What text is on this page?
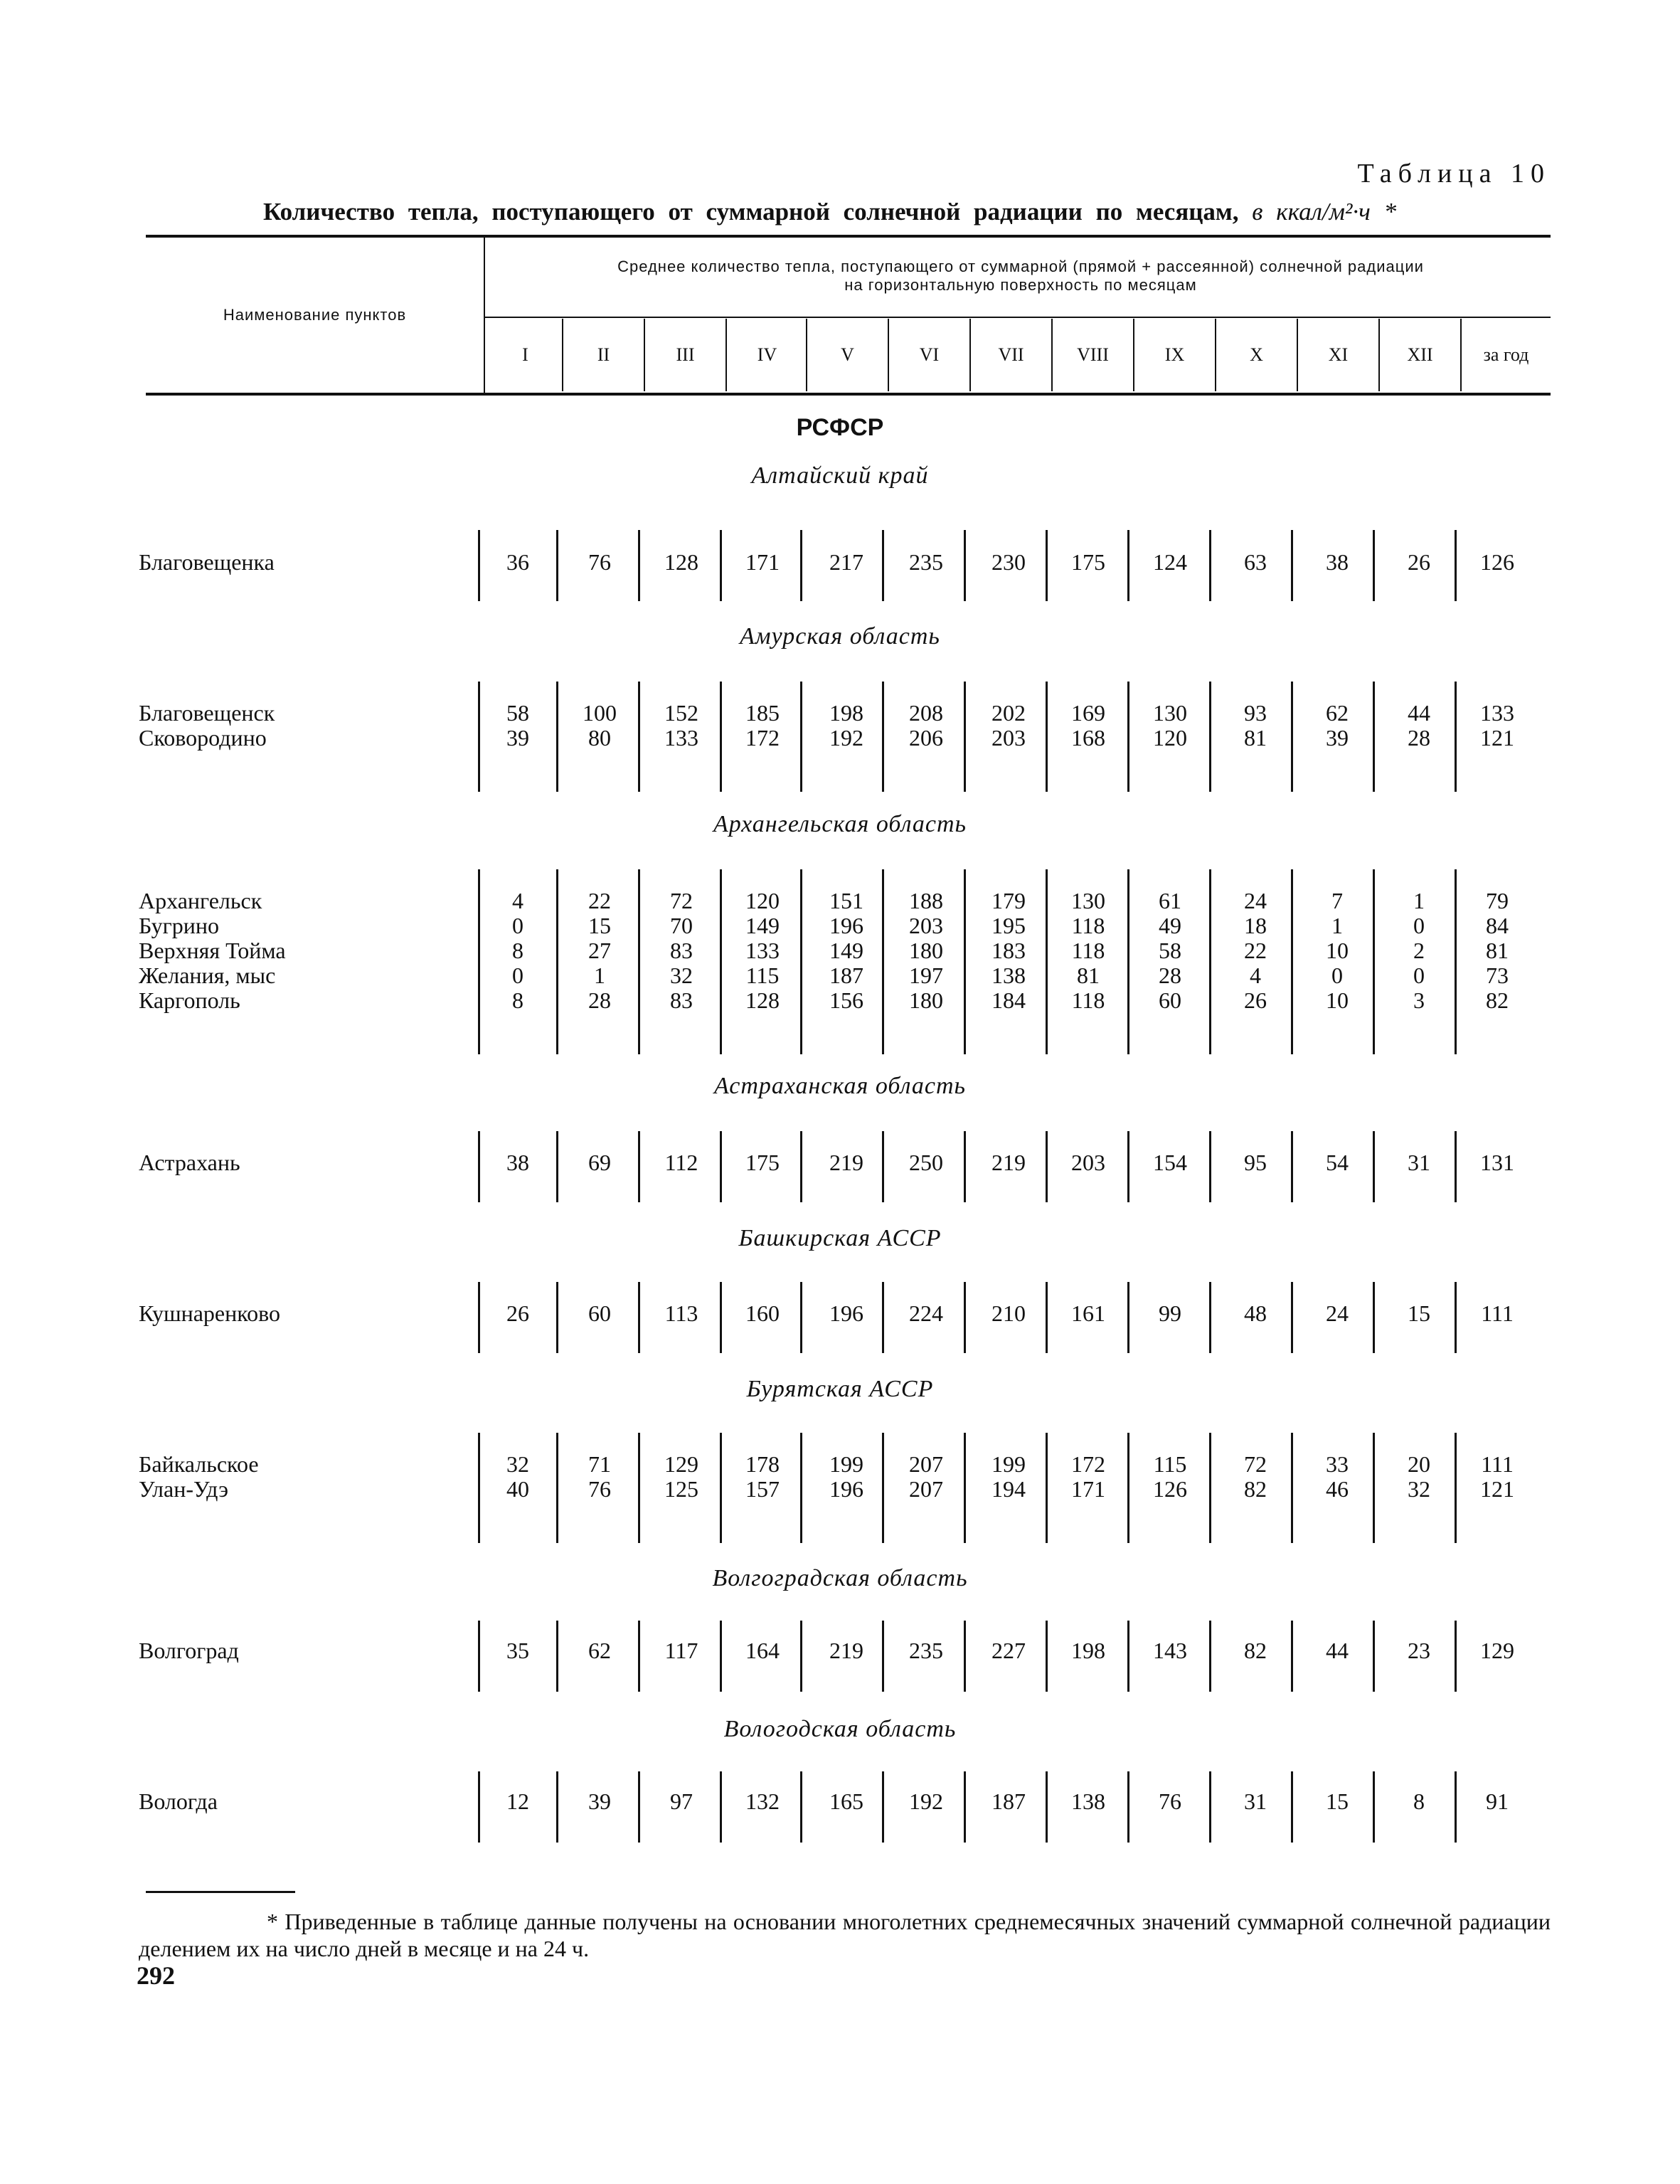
Таблица 10
Количество тепла, поступающего от суммарной солнечной радиации по месяцам, в ккал/м²·ч *
Наименование пунктов
Среднее количество тепла, поступающего от суммарной (прямой + рассеянной) солнечной радиации
на горизонтальную поверхность по месяцам
I	II	III	IV	V	VI	VII	VIII	IX	X	XI	XII	за год
РСФСР
Алтайский край
Благовещенка	36	76	128	171	217	235	230	175	124	63	38	26	126
Амурская область
Благовещенск	58	100	152	185	198	208	202	169	130	93	62	44	133
Сковородино	39	80	133	172	192	206	203	168	120	81	39	28	121
Архангельская область
Архангельск	4	22	72	120	151	188	179	130	61	24	7	1	79
Бугрино	0	15	70	149	196	203	195	118	49	18	1	0	84
Верхняя Тойма	8	27	83	133	149	180	183	118	58	22	10	2	81
Желания, мыс	0	1	32	115	187	197	138	81	28	4	0	0	73
Каргополь	8	28	83	128	156	180	184	118	60	26	10	3	82
Астраханская область
Астрахань	38	69	112	175	219	250	219	203	154	95	54	31	131
Башкирская АССР
Кушнаренково	26	60	113	160	196	224	210	161	99	48	24	15	111
Бурятская АССР
Байкальское	32	71	129	178	199	207	199	172	115	72	33	20	111
Улан-Удэ	40	76	125	157	196	207	194	171	126	82	46	32	121
Волгоградская область
Волгоград	35	62	117	164	219	235	227	198	143	82	44	23	129
Вологодская область
Вологда	12	39	97	132	165	192	187	138	76	31	15	8	91
* Приведенные в таблице данные получены на основании многолетних среднемесячных значений суммарной солнечной радиации делением их на число дней в месяце и на 24 ч.
292
